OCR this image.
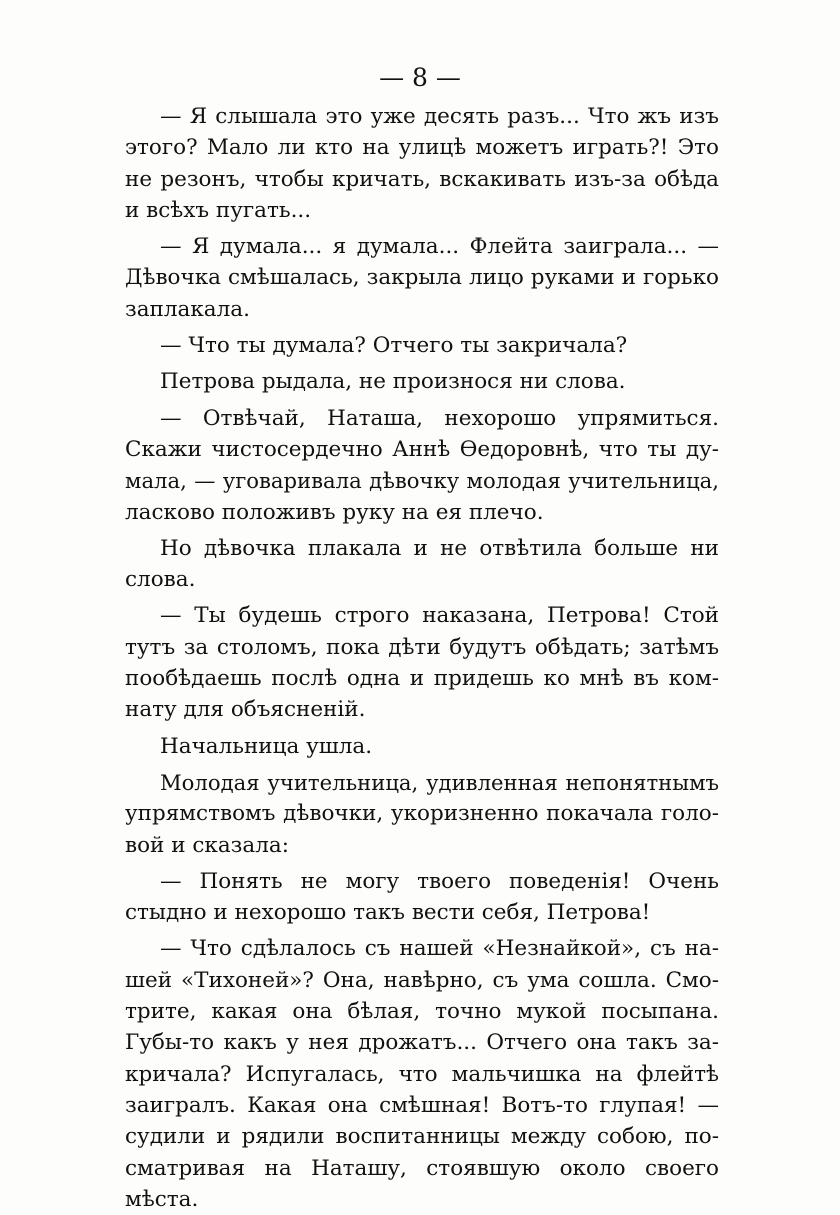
— 8 —
— Я слышала это уже десять разъ... Что жъ изъ
этого? Мало ли кто на улицѣ можетъ играть?! Это
не резонъ, чтобы кричать, вскакивать изъ-за обѣда
и всѣхъ пугать...
— Я думала... я думала... Флейта заиграла... —
Дѣвочка смѣшалась, закрыла лицо руками и горько
заплакала.
— Что ты думала? Отчего ты закричала?
Петрова рыдала, не произнося ни слова.
— Отвѣчай, Наташа, нехорошо упрямиться.
Скажи чистосердечно Аннѣ Өедоровнѣ, что ты ду-
мала, — уговаривала дѣвочку молодая учительница,
ласково положивъ руку на ея плечо.
Но дѣвочка плакала и не отвѣтила больше ни
слова.
— Ты будешь строго наказана, Петрова! Стой
тутъ за столомъ, пока дѣти будутъ обѣдать; затѣмъ
пообѣдаешь послѣ одна и придешь ко мнѣ въ ком-
нату для объясненій.
Начальница ушла.
Молодая учительница, удивленная непонятнымъ
упрямствомъ дѣвочки, укоризненно покачала голо-
вой и сказала:
— Понять не могу твоего поведенія! Очень
стыдно и нехорошо такъ вести себя, Петрова!
— Что сдѣлалось съ нашей «Незнайкой», съ на-
шей «Тихоней»? Она, навѣрно, съ ума сошла. Смо-
трите, какая она бѣлая, точно мукой посыпана.
Губы-то какъ у нея дрожатъ... Отчего она такъ за-
кричала? Испугалась, что мальчишка на флейтѣ
заигралъ. Какая она смѣшная! Вотъ-то глупая! —
судили и рядили воспитанницы между собою, по-
сматривая на Наташу, стоявшую около своего
мѣста.
